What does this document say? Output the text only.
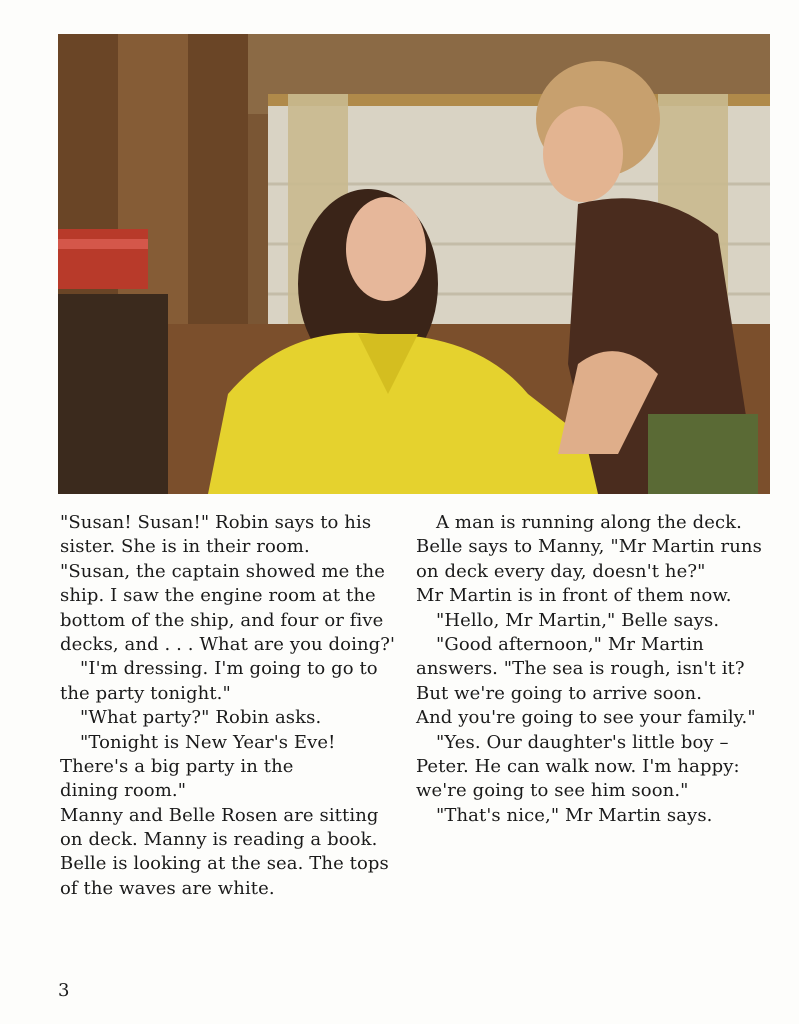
"Susan! Susan!" Robin says to his
sister. She is in their room.
"Susan, the captain showed me the
ship. I saw the engine room at the
bottom of the ship, and four or five
decks, and . . . What are you doing?'
"I'm dressing. I'm going to go to
the party tonight."
"What party?" Robin asks.
"Tonight is New Year's Eve!
There's a big party in the
dining room."
Manny and Belle Rosen are sitting
on deck. Manny is reading a book.
Belle is looking at the sea. The tops
of the waves are white.
A man is running along the deck.
Belle says to Manny, "Mr Martin runs
on deck every day, doesn't he?"
Mr Martin is in front of them now.
"Hello, Mr Martin," Belle says.
"Good afternoon," Mr Martin
answers. "The sea is rough, isn't it?
But we're going to arrive soon.
And you're going to see your family."
"Yes. Our daughter's little boy –
Peter. He can walk now. I'm happy:
we're going to see him soon."
"That's nice," Mr Martin says.
3
